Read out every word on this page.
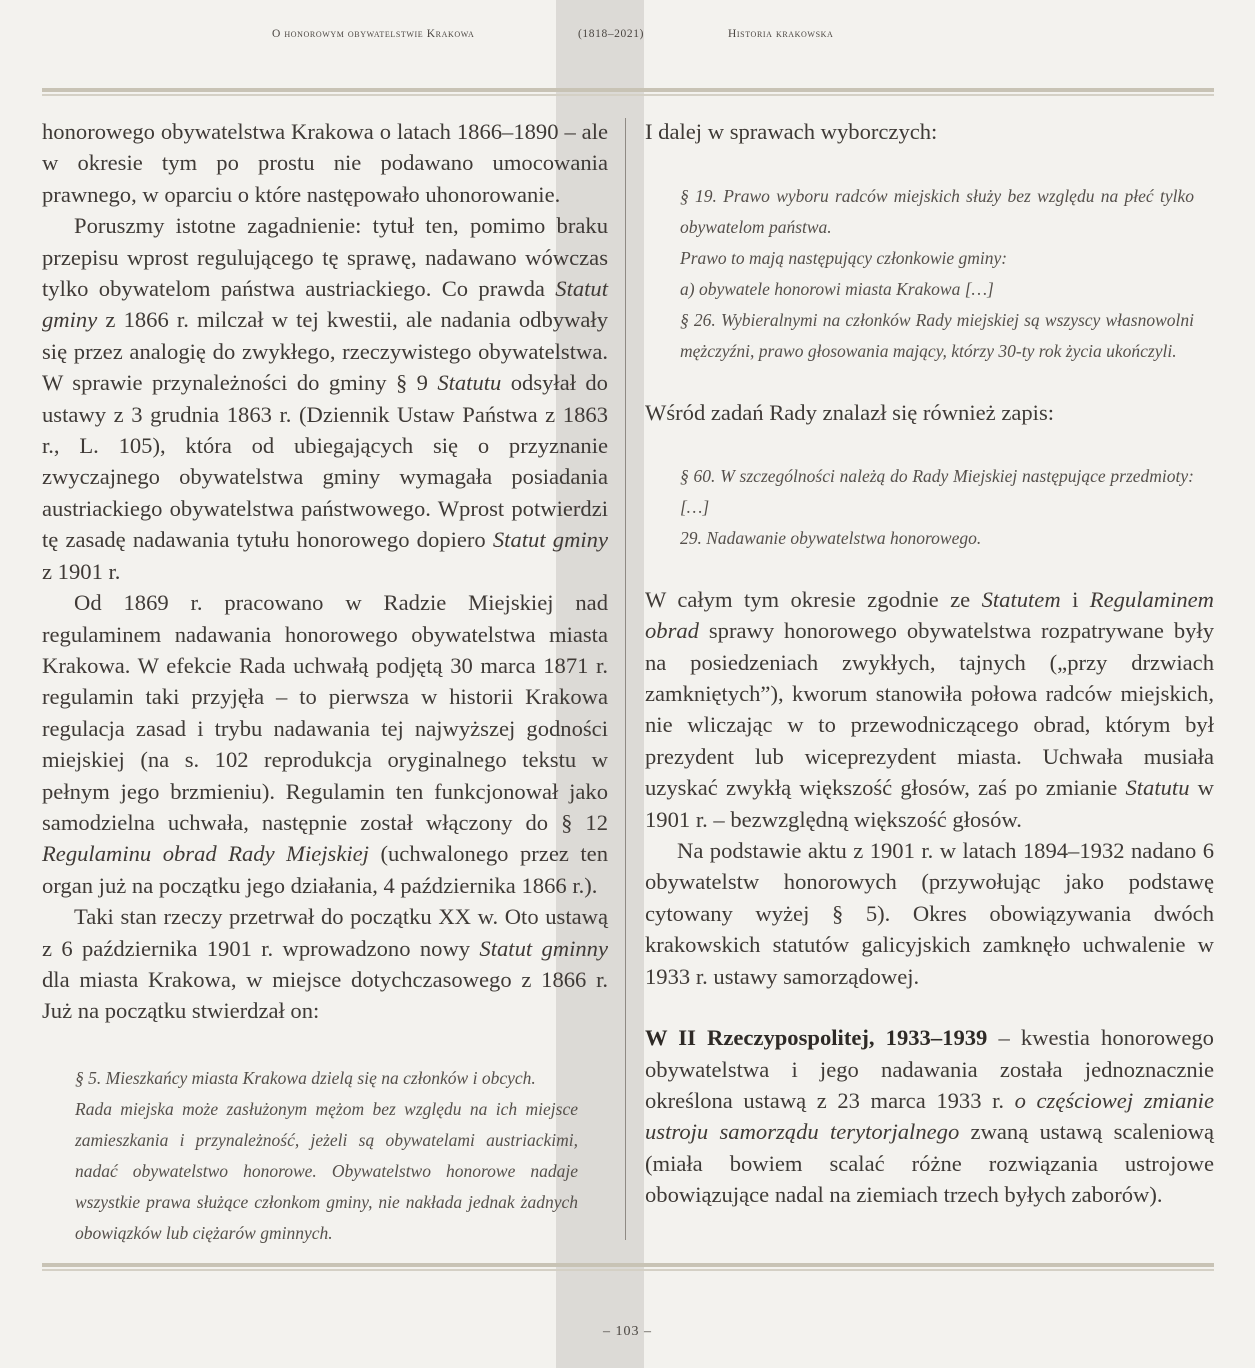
O honorowym obywatelstwie Krakowa	(1818–2021)	Historia krakowska

honorowego obywatelstwa Krakowa o latach 1866–1890 – ale w okresie tym po prostu nie podawano umocowania prawnego, w oparciu o które następowało uhonorowanie.

Poruszmy istotne zagadnienie: tytuł ten, pomimo braku przepisu wprost regulującego tę sprawę, nadawano wówczas tylko obywatelom państwa austriackiego. Co prawda Statut gminy z 1866 r. milczał w tej kwestii, ale nadania odbywały się przez analogię do zwykłego, rzeczywistego obywatelstwa. W sprawie przynależności do gminy § 9 Statutu odsyłał do ustawy z 3 grudnia 1863 r. (Dziennik Ustaw Państwa z 1863 r., L. 105), która od ubiegających się o przyznanie zwyczajnego obywatelstwa gminy wymagała posiadania austriackiego obywatelstwa państwowego. Wprost potwierdzi tę zasadę nadawania tytułu honorowego dopiero Statut gminy z 1901 r.

Od 1869 r. pracowano w Radzie Miejskiej nad regulaminem nadawania honorowego obywatelstwa miasta Krakowa. W efekcie Rada uchwałą podjętą 30 marca 1871 r. regulamin taki przyjęła – to pierwsza w historii Krakowa regulacja zasad i trybu nadawania tej najwyższej godności miejskiej (na s. 102 reprodukcja oryginalnego tekstu w pełnym jego brzmieniu). Regulamin ten funkcjonował jako samodzielna uchwała, następnie został włączony do § 12 Regulaminu obrad Rady Miejskiej (uchwalonego przez ten organ już na początku jego działania, 4 października 1866 r.).

Taki stan rzeczy przetrwał do początku XX w. Oto ustawą z 6 października 1901 r. wprowadzono nowy Statut gminny dla miasta Krakowa, w miejsce dotychczasowego z 1866 r. Już na początku stwierdzał on:

§ 5. Mieszkańcy miasta Krakowa dzielą się na członków i obcych.

Rada miejska może zasłużonym mężom bez względu na ich miejsce zamieszkania i przynależność, jeżeli są obywatelami austriackimi, nadać obywatelstwo honorowe. Obywatelstwo honorowe nadaje wszystkie prawa służące członkom gminy, nie nakłada jednak żadnych obowiązków lub ciężarów gminnych.

I dalej w sprawach wyborczych:

§ 19. Prawo wyboru radców miejskich służy bez względu na płeć tylko obywatelom państwa.

Prawo to mają następujący członkowie gminy:

a) obywatele honorowi miasta Krakowa […]

§ 26. Wybieralnymi na członków Rady miejskiej są wszyscy własnowolni mężczyźni, prawo głosowania mający, którzy 30-ty rok życia ukończyli.

Wśród zadań Rady znalazł się również zapis:

§ 60. W szczególności należą do Rady Miejskiej następujące przedmioty: […]

29. Nadawanie obywatelstwa honorowego.

W całym tym okresie zgodnie ze Statutem i Regulaminem obrad sprawy honorowego obywatelstwa rozpatrywane były na posiedzeniach zwykłych, tajnych („przy drzwiach zamkniętych”), kworum stanowiła połowa radców miejskich, nie wliczając w to przewodniczącego obrad, którym był prezydent lub wiceprezydent miasta. Uchwała musiała uzyskać zwykłą większość głosów, zaś po zmianie Statutu w 1901 r. – bezwzględną większość głosów.

Na podstawie aktu z 1901 r. w latach 1894–1932 nadano 6 obywatelstw honorowych (przywołując jako podstawę cytowany wyżej § 5). Okres obowiązywania dwóch krakowskich statutów galicyjskich zamknęło uchwalenie w 1933 r. ustawy samorządowej.

W II Rzeczypospolitej, 1933–1939 – kwestia honorowego obywatelstwa i jego nadawania została jednoznacznie określona ustawą z 23 marca 1933 r. o częściowej zmianie ustroju samorządu terytorjalnego zwaną ustawą scaleniową (miała bowiem scalać różne rozwiązania ustrojowe obowiązujące nadal na ziemiach trzech byłych zaborów).

– 103 –
